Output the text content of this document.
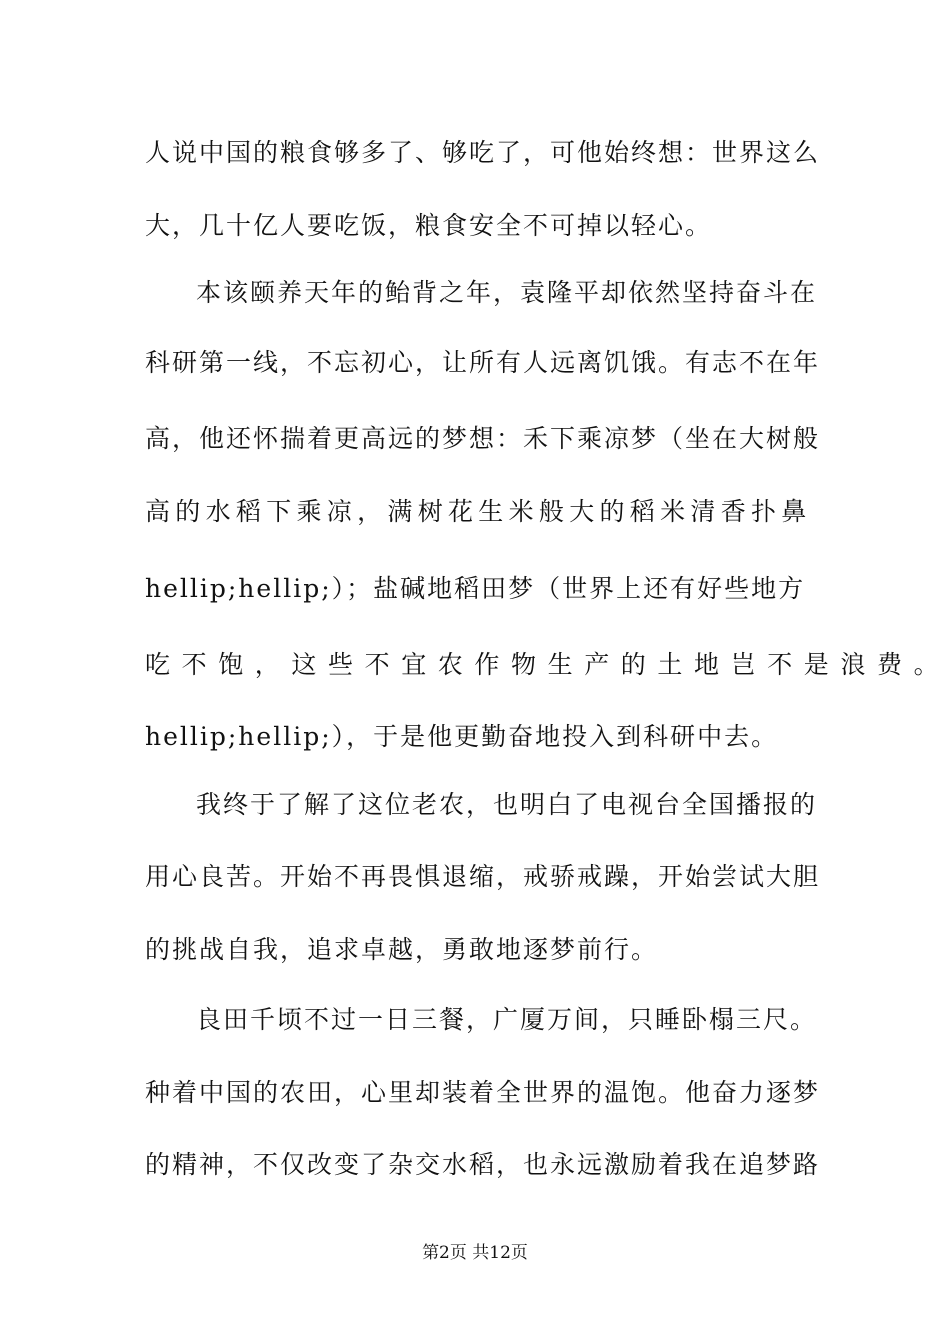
人说中国的粮食够多了、够吃了，可他始终想：世界这么
大，几十亿人要吃饭，粮食安全不可掉以轻心。
本该颐养天年的鲐背之年，袁隆平却依然坚持奋斗在
科研第一线，不忘初心，让所有人远离饥饿。有志不在年
高，他还怀揣着更高远的梦想：禾下乘凉梦（坐在大树般
高的水稻下乘凉，满树花生米般大的稻米清香扑鼻
hellip;hellip;）；盐碱地稻田梦（世界上还有好些地方
吃不饱，这些不宜农作物生产的土地岂不是浪费。
hellip;hellip;），于是他更勤奋地投入到科研中去。
我终于了解了这位老农，也明白了电视台全国播报的
用心良苦。开始不再畏惧退缩，戒骄戒躁，开始尝试大胆
的挑战自我，追求卓越，勇敢地逐梦前行。
良田千顷不过一日三餐，广厦万间，只睡卧榻三尺。
种着中国的农田，心里却装着全世界的温饱。他奋力逐梦
的精神，不仅改变了杂交水稻，也永远激励着我在追梦路
第2页 共12页
